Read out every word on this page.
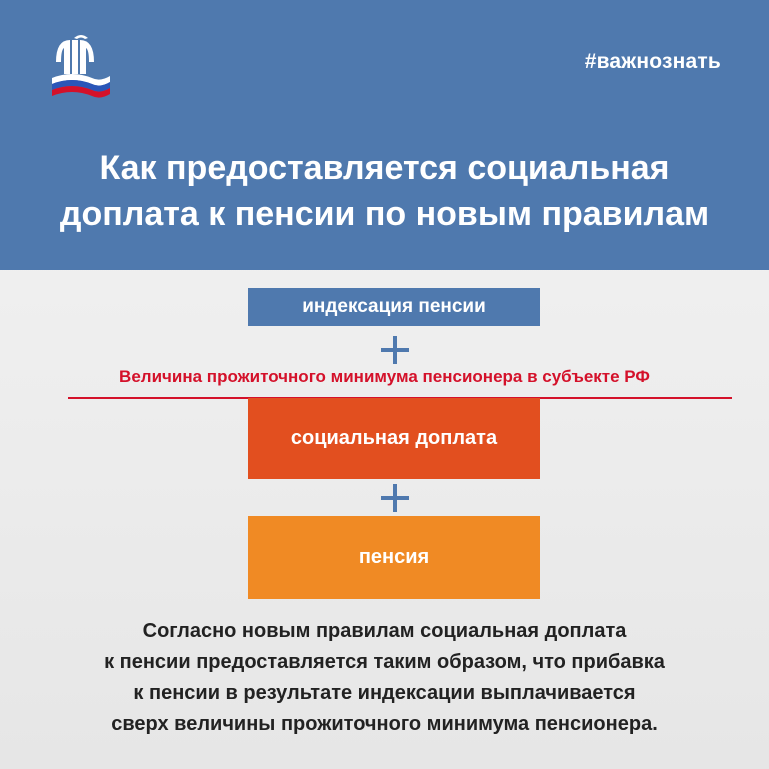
#важнознать
Как предоставляется социальная
доплата к пенсии по новым правилам
индексация пенсии
Величина прожиточного минимума пенсионера в субъекте РФ
социальная доплата
пенсия
Согласно новым правилам социальная доплата
к пенсии предоставляется таким образом, что прибавка
к пенсии в результате индексации выплачивается
сверх величины прожиточного минимума пенсионера.
